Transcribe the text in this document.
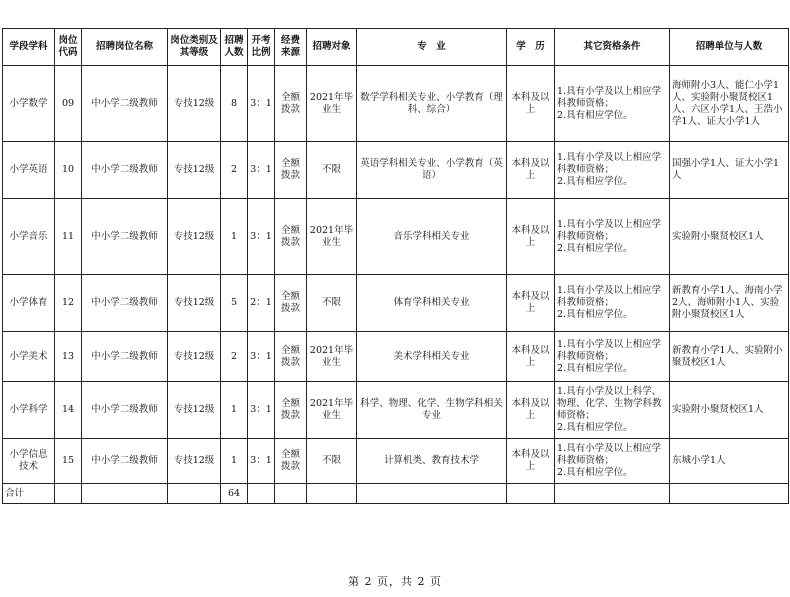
学段学科	岗位代码	招聘岗位名称	岗位类别及其等级	招聘人数	开考比例	经费来源	招聘对象	专　业	学　历	其它资格条件	招聘单位与人数
小学数学	09	中小学二级教师	专技12级	8	3：1	全额拨款	2021年毕业生	数学学科相关专业、小学教育（理科、综合）	本科及以上	1.具有小学及以上相应学科教师资格；
2.具有相应学位。	海师附小3人、能仁小学1人、实验附小聚贤校区1人、六区小学1人、王浩小学1人、证大小学1人
小学英语	10	中小学二级教师	专技12级	2	3：1	全额拨款	不限	英语学科相关专业、小学教育（英语）	本科及以上	1.具有小学及以上相应学科教师资格；
2.具有相应学位。	国强小学1人、证大小学1人
小学音乐	11	中小学二级教师	专技12级	1	3：1	全额拨款	2021年毕业生	音乐学科相关专业	本科及以上	1.具有小学及以上相应学科教师资格；
2.具有相应学位。	实验附小聚贤校区1人
小学体育	12	中小学二级教师	专技12级	5	2：1	全额拨款	不限	体育学科相关专业	本科及以上	1.具有小学及以上相应学科教师资格；
2.具有相应学位。	新教育小学1人、海南小学2人、海师附小1人、实验附小聚贤校区1人
小学美术	13	中小学二级教师	专技12级	2	3：1	全额拨款	2021年毕业生	美术学科相关专业	本科及以上	1.具有小学及以上相应学科教师资格；
2.具有相应学位。	新教育小学1人、实验附小聚贤校区1人
小学科学	14	中小学二级教师	专技12级	1	3：1	全额拨款	2021年毕业生	科学、物理、化学、生物学科相关专业	本科及以上	1.具有小学及以上科学、物理、化学、生物学科教师资格；
2.具有相应学位。	实验附小聚贤校区1人
小学信息技术	15	中小学二级教师	专技12级	1	3：1	全额拨款	不限	计算机类、教育技术学	本科及以上	1.具有小学及以上相应学科教师资格；
2.具有相应学位。	东城小学1人
合计				64							
第 2 页，共 2 页
